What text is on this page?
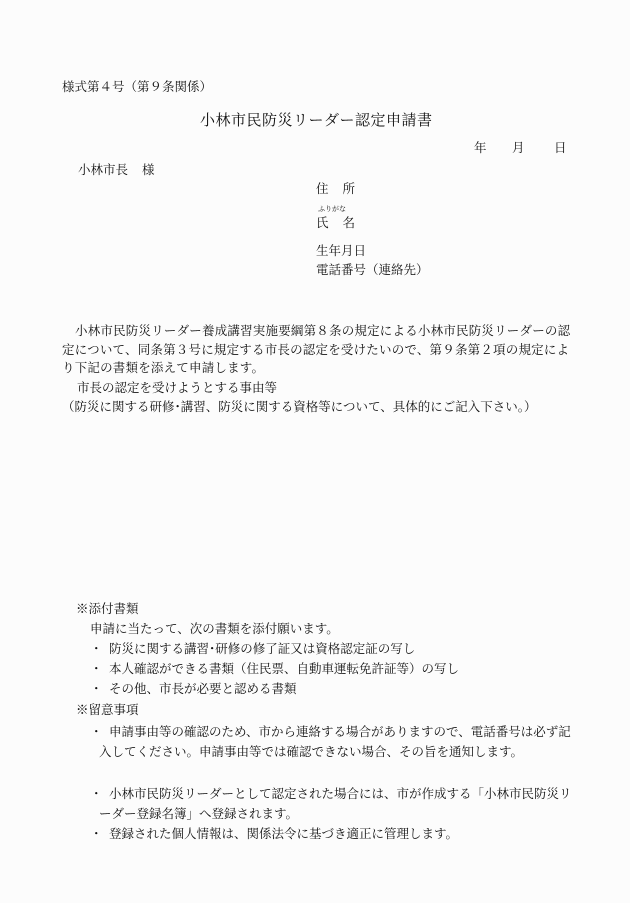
様式第４号（第９条関係）
小林市民防災リーダー認定申請書
年 月 日
小林市長 様
住 所
ふりがな
氏 名
生年月日
電話番号（連絡先）
小林市民防災リーダー養成講習実施要綱第８条の規定による小林市民防災リーダーの認定について、同条第３号に規定する市長の認定を受けたいので、第９条第２項の規定により下記の書類を添えて申請します。
市長の認定を受けようとする事由等
（防災に関する研修･講習、防災に関する資格等について、具体的にご記入下さい。）
※添付書類
申請に当たって、次の書類を添付願います。
・ 防災に関する講習･研修の修了証又は資格認定証の写し
・ 本人確認ができる書類（住民票、自動車運転免許証等）の写し
・ その他、市長が必要と認める書類
※留意事項
・ 申請事由等の確認のため、市から連絡する場合がありますので、電話番号は必ず記入してください。申請事由等では確認できない場合、その旨を通知します。
・ 小林市民防災リーダーとして認定された場合には、市が作成する「小林市民防災リーダー登録名簿」へ登録されます。
・ 登録された個人情報は、関係法令に基づき適正に管理します。
